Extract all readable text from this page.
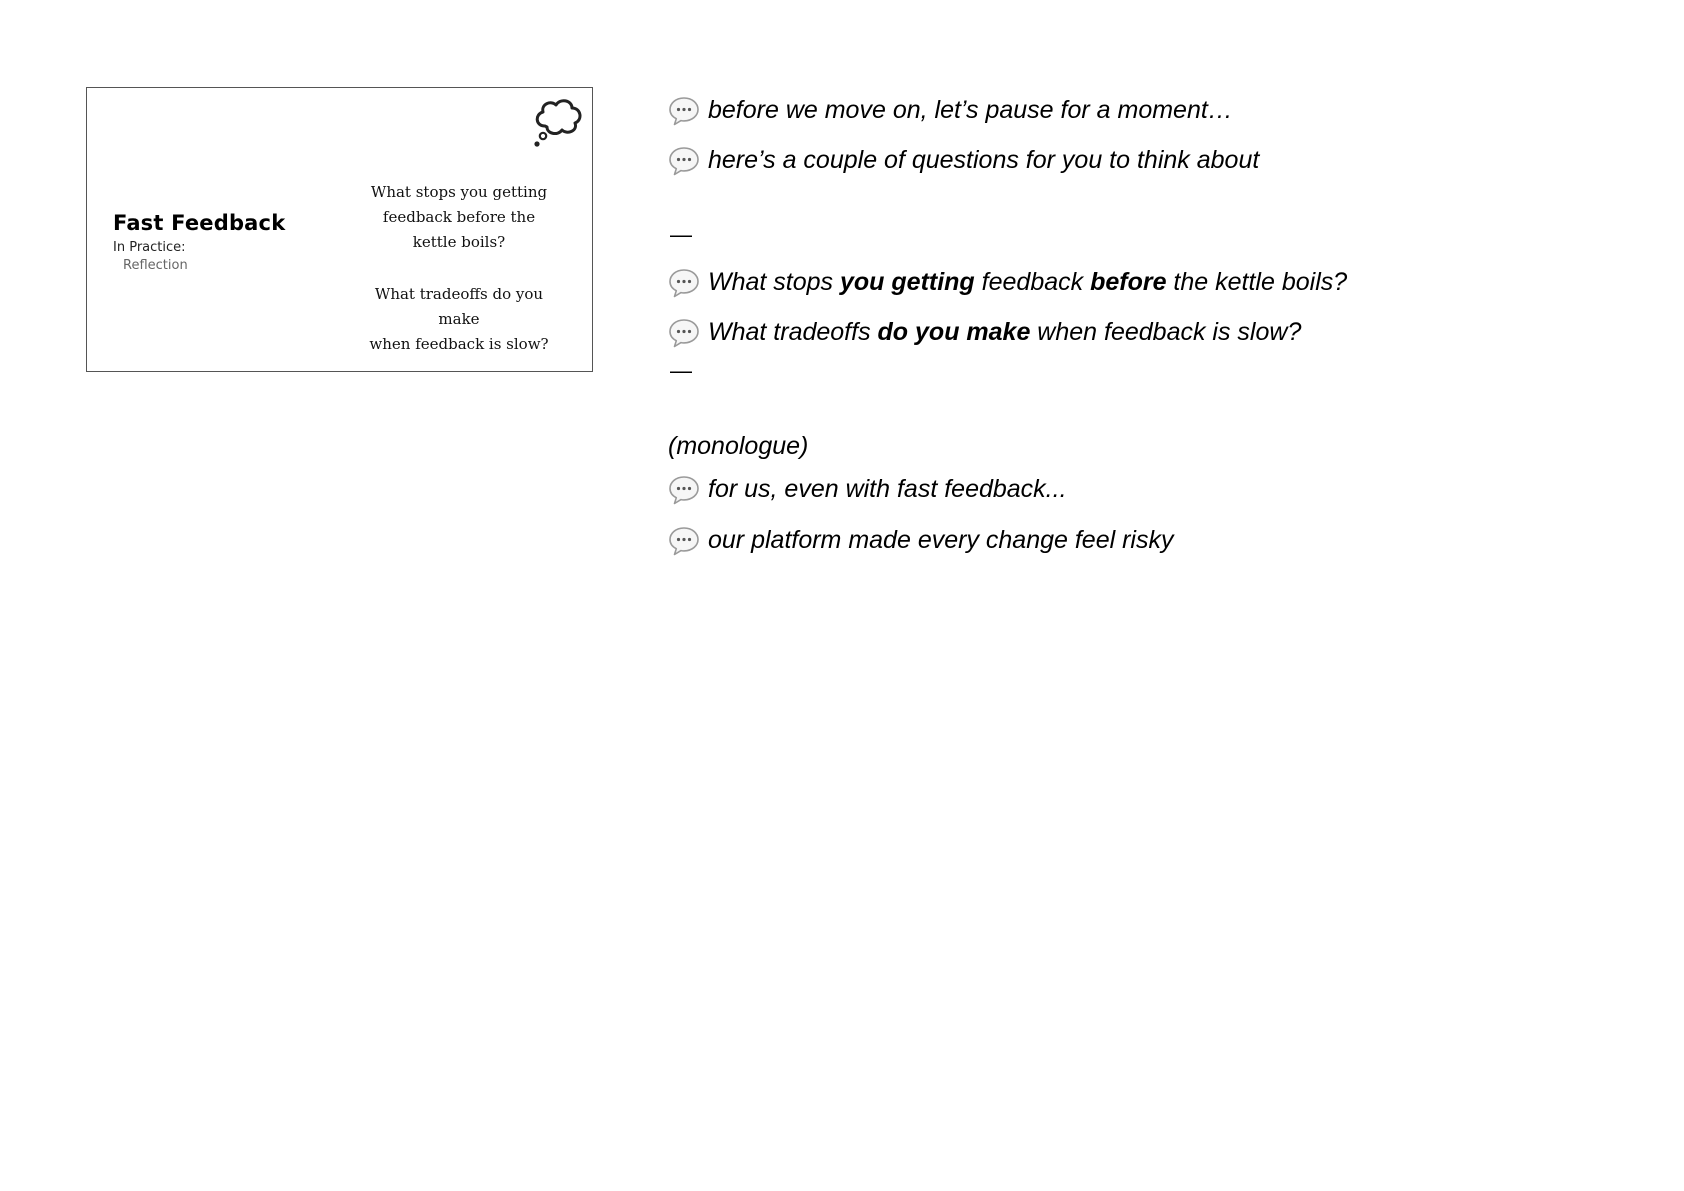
Fast Feedback
In Practice:
Reflection
What stops you getting
feedback before the
kettle boils?
What tradeoffs do you make
when feedback is slow?
before we move on, let’s pause for a moment…
here’s a couple of questions for you to think about
—
What stops you getting feedback before the kettle boils?
What tradeoffs do you make when feedback is slow?
—
(monologue)
for us, even with fast feedback...
our platform made every change feel risky
